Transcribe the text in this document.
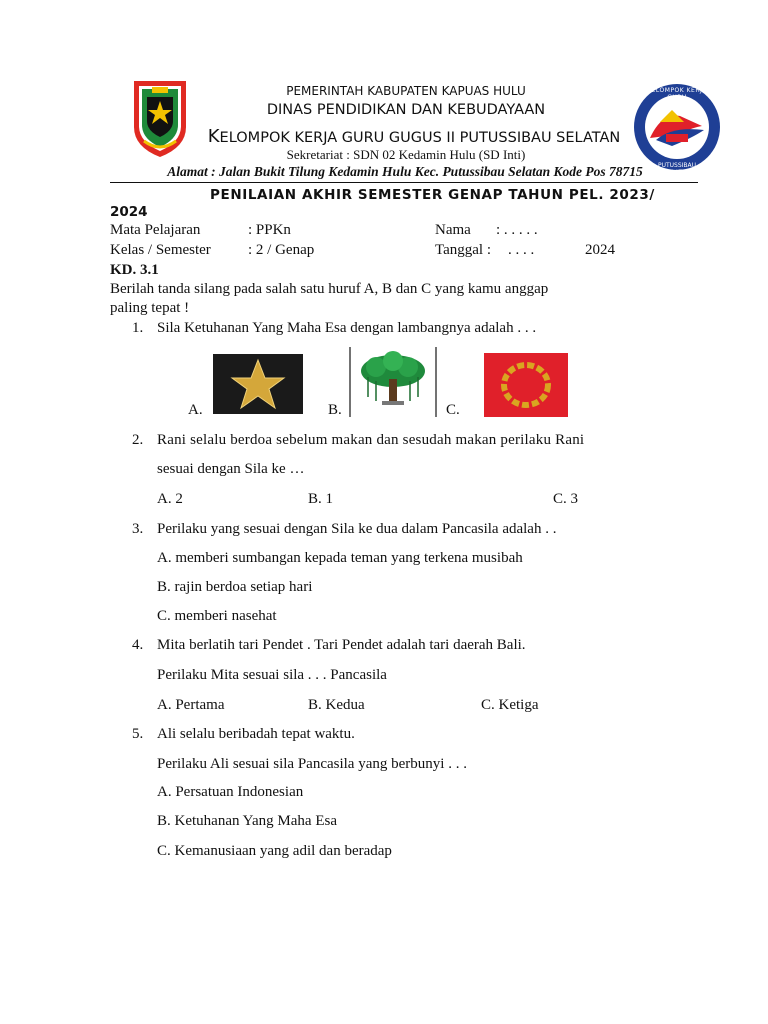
KELOMPOK KERJA GURU
PUTUSSIBAU SELATAN
PEMERINTAH KABUPATEN KAPUAS HULU
DINAS PENDIDIKAN DAN KEBUDAYAAN
KELOMPOK KERJA GURU GUGUS II PUTUSSIBAU SELATAN
Sekretariat : SDN 02 Kedamin Hulu (SD Inti)
Alamat : Jalan Bukit Tilung Kedamin Hulu Kec. Putussibau Selatan Kode Pos 78715
PENILAIAN AKHIR SEMESTER GENAP TAHUN PEL. 2023/
2024
Mata Pelajaran	: PPKn	Nama : . . . . .
Kelas / Semester : 2 / Genap	Tanggal : . . . .	2024
KD. 3.1
Berilah tanda silang pada salah satu huruf A, B dan C yang kamu anggap
paling tepat !
1. Sila Ketuhanan Yang Maha Esa dengan lambangnya adalah . . .
A.	B.	C.
2. Rani selalu berdoa sebelum makan dan sesudah makan perilaku Rani
sesuai dengan Sila ke …
A. 2	B. 1	C. 3
3. Perilaku yang sesuai dengan Sila ke dua dalam Pancasila adalah . .
A. memberi sumbangan kepada teman yang terkena musibah
B. rajin berdoa setiap hari
C. memberi nasehat
4. Mita berlatih tari Pendet . Tari Pendet adalah tari daerah Bali.
Perilaku Mita sesuai sila . . . Pancasila
A. Pertama	B. Kedua	C. Ketiga
5. Ali selalu beribadah tepat waktu.
Perilaku Ali sesuai sila Pancasila yang berbunyi . . .
A. Persatuan Indonesian
B. Ketuhanan Yang Maha Esa
C. Kemanusiaan yang adil dan beradap
